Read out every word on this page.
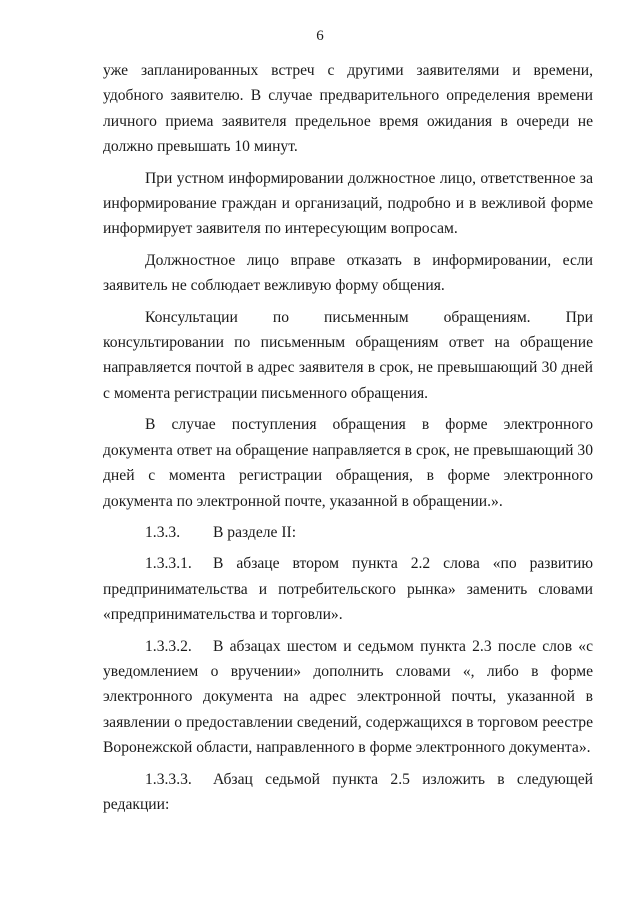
6

уже запланированных встреч с другими заявителями и времени, удобного заявителю. В случае предварительного определения времени личного приема заявителя предельное время ожидания в очереди не должно превышать 10 минут.

При устном информировании должностное лицо, ответственное за информирование граждан и организаций, подробно и в вежливой форме информирует заявителя по интересующим вопросам.

Должностное лицо вправе отказать в информировании, если заявитель не соблюдает вежливую форму общения.

Консультации по письменным обращениям. При консультировании по письменным обращениям ответ на обращение направляется почтой в адрес заявителя в срок, не превышающий 30 дней с момента регистрации письменного обращения.

В случае поступления обращения в форме электронного документа ответ на обращение направляется в срок, не превышающий 30 дней с момента регистрации обращения, в форме электронного документа по электронной почте, указанной в обращении.».

1.3.3. В разделе II:

1.3.3.1. В абзаце втором пункта 2.2 слова «по развитию предпринимательства и потребительского рынка» заменить словами «предпринимательства и торговли».

1.3.3.2. В абзацах шестом и седьмом пункта 2.3 после слов «с уведомлением о вручении» дополнить словами «, либо в форме электронного документа на адрес электронной почты, указанной в заявлении о предоставлении сведений, содержащихся в торговом реестре Воронежской области, направленного в форме электронного документа».

1.3.3.3. Абзац седьмой пункта 2.5 изложить в следующей редакции:
